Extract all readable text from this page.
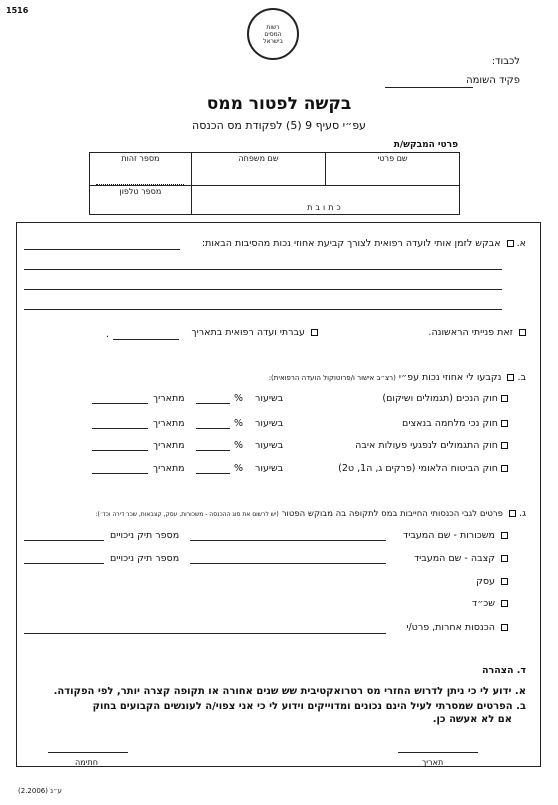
1516
רשות
המסים
בישראל
לכבוד:
פקיד השומה
בקשה לפטור ממס
עפ״י סעיף 9 (5) לפקודת מס הכנסה
פרטי המבקש/ת
שם פרטי	שם משפחה	מספר זהות

כתובת		מספר טלפון
א.  אבקש לזמן אותי לועדה רפואית לצורך קביעת אחוזי נכות מהסיבות הבאות:
זאת פנייתי הראשונה.
עברתי ועדה רפואית בתאריך
.
ב.  נקבעו לי אחוזי נכות עפ״י (רצ״ב אישור ו/פרוטוקול הועדה הרפואית):
חוק הנכים (תגמולים ושיקום)
בשיעור
%
מתאריך
חוק נכי מלחמה בנאצים
בשיעור
%
מתאריך
חוק התגמולים לנפגעי פעולות איבה
בשיעור
%
מתאריך
חוק הביטוח הלאומי (פרקים ג, ה1, ט2)
בשיעור
%
מתאריך
ג.  פרטים לגבי הכנסותי החייבות במס לתקופה בה מבוקש הפטור (יש לרשום את סוג ההכנסה - משכורות, עסק, קצבאות, שכר דירה וכד׳):
משכורות - שם המעביד
מספר תיק ניכויים
קצבה - שם המעביד
מספר תיק ניכויים
עסק
שכ״ד
הכנסות אחרות, פרט/י
ד. הצהרה
א. ידוע לי כי ניתן לדרוש החזרי מס רטרואקטיבית שש שנים אחורה או תקופה קצרה יותר, לפי הפקודה.
ב. הפרטים שמסרתי לעיל הינם נכונים ומדוייקים וידוע לי כי אני צפוי/ה לעונשים הקבועים בחוק
אם לא אעשה כן.
תאריך
חתימה
ע״נ (2.2006)
